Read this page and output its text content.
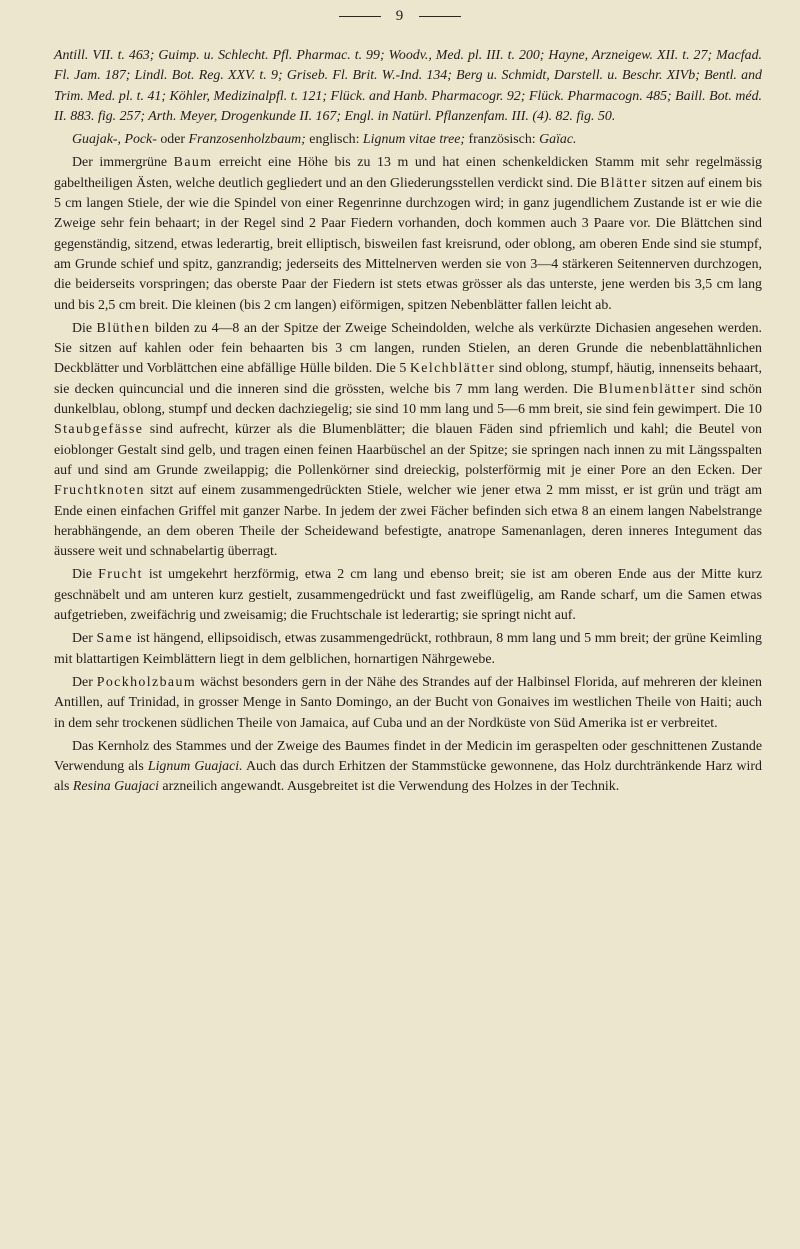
9

Antill. VII. t. 463; Guimp. u. Schlecht. Pfl. Pharmac. t. 99; Woodv., Med. pl. III. t. 200; Hayne, Arzneigew. XII. t. 27; Macfad. Fl. Jam. 187; Lindl. Bot. Reg. XXV. t. 9; Griseb. Fl. Brit. W.-Ind. 134; Berg u. Schmidt, Darstell. u. Beschr. XIVb; Bentl. and Trim. Med. pl. t. 41; Köhler, Medizinalpfl. t. 121; Flück. and Hanb. Pharmacogr. 92; Flück. Pharmacogn. 485; Baill. Bot. méd. II. 883. fig. 257; Arth. Meyer, Drogenkunde II. 167; Engl. in Natürl. Pflanzenfam. III. (4). 82. fig. 50.

Guajak-, Pock- oder Franzosenholzbaum; englisch: Lignum vitae tree; französisch: Gaïac.

Der immergrüne Baum erreicht eine Höhe bis zu 13 m und hat einen schenkeldicken Stamm mit sehr regelmässig gabeltheiligen Ästen, welche deutlich gegliedert und an den Gliederungsstellen verdickt sind. Die Blätter sitzen auf einem bis 5 cm langen Stiele, der wie die Spindel von einer Regenrinne durchzogen wird; in ganz jugendlichem Zustande ist er wie die Zweige sehr fein behaart; in der Regel sind 2 Paar Fiedern vorhanden, doch kommen auch 3 Paare vor. Die Blättchen sind gegenständig, sitzend, etwas lederartig, breit elliptisch, bisweilen fast kreisrund, oder oblong, am oberen Ende sind sie stumpf, am Grunde schief und spitz, ganzrandig; jederseits des Mittelnerven werden sie von 3—4 stärkeren Seitennerven durchzogen, die beiderseits vorspringen; das oberste Paar der Fiedern ist stets etwas grösser als das unterste, jene werden bis 3,5 cm lang und bis 2,5 cm breit. Die kleinen (bis 2 cm langen) eiförmigen, spitzen Nebenblätter fallen leicht ab.

Die Blüthen bilden zu 4—8 an der Spitze der Zweige Scheindolden, welche als verkürzte Dichasien angesehen werden. Sie sitzen auf kahlen oder fein behaarten bis 3 cm langen, runden Stielen, an deren Grunde die nebenblattähnlichen Deckblätter und Vorblättchen eine abfällige Hülle bilden. Die 5 Kelchblätter sind oblong, stumpf, häutig, innenseits behaart, sie decken quincuncial und die inneren sind die grössten, welche bis 7 mm lang werden. Die Blumenblätter sind schön dunkelblau, oblong, stumpf und decken dachziegelig; sie sind 10 mm lang und 5—6 mm breit, sie sind fein gewimpert. Die 10 Staubgefässe sind aufrecht, kürzer als die Blumenblätter; die blauen Fäden sind pfriemlich und kahl; die Beutel von eioblonger Gestalt sind gelb, und tragen einen feinen Haarbüschel an der Spitze; sie springen nach innen zu mit Längsspalten auf und sind am Grunde zweilappig; die Pollenkörner sind dreieckig, polsterförmig mit je einer Pore an den Ecken. Der Fruchtknoten sitzt auf einem zusammengedrückten Stiele, welcher wie jener etwa 2 mm misst, er ist grün und trägt am Ende einen einfachen Griffel mit ganzer Narbe. In jedem der zwei Fächer befinden sich etwa 8 an einem langen Nabelstrange herabhängende, an dem oberen Theile der Scheidewand befestigte, anatrope Samenanlagen, deren inneres Integument das äussere weit und schnabelartig überragt.

Die Frucht ist umgekehrt herzförmig, etwa 2 cm lang und ebenso breit; sie ist am oberen Ende aus der Mitte kurz geschnäbelt und am unteren kurz gestielt, zusammengedrückt und fast zweiflügelig, am Rande scharf, um die Samen etwas aufgetrieben, zweifächrig und zweisamig; die Fruchtschale ist lederartig; sie springt nicht auf.

Der Same ist hängend, ellipsoidisch, etwas zusammengedrückt, rothbraun, 8 mm lang und 5 mm breit; der grüne Keimling mit blattartigen Keimblättern liegt in dem gelblichen, hornartigen Nährgewebe.

Der Pockholzbaum wächst besonders gern in der Nähe des Strandes auf der Halbinsel Florida, auf mehreren der kleinen Antillen, auf Trinidad, in grosser Menge in Santo Domingo, an der Bucht von Gonaives im westlichen Theile von Haiti; auch in dem sehr trockenen südlichen Theile von Jamaica, auf Cuba und an der Nordküste von Süd Amerika ist er verbreitet.

Das Kernholz des Stammes und der Zweige des Baumes findet in der Medicin im geraspelten oder geschnittenen Zustande Verwendung als Lignum Guajaci. Auch das durch Erhitzen der Stammstücke gewonnene, das Holz durchtränkende Harz wird als Resina Guajaci arzneilich angewandt. Ausgebreitet ist die Verwendung des Holzes in der Technik.
